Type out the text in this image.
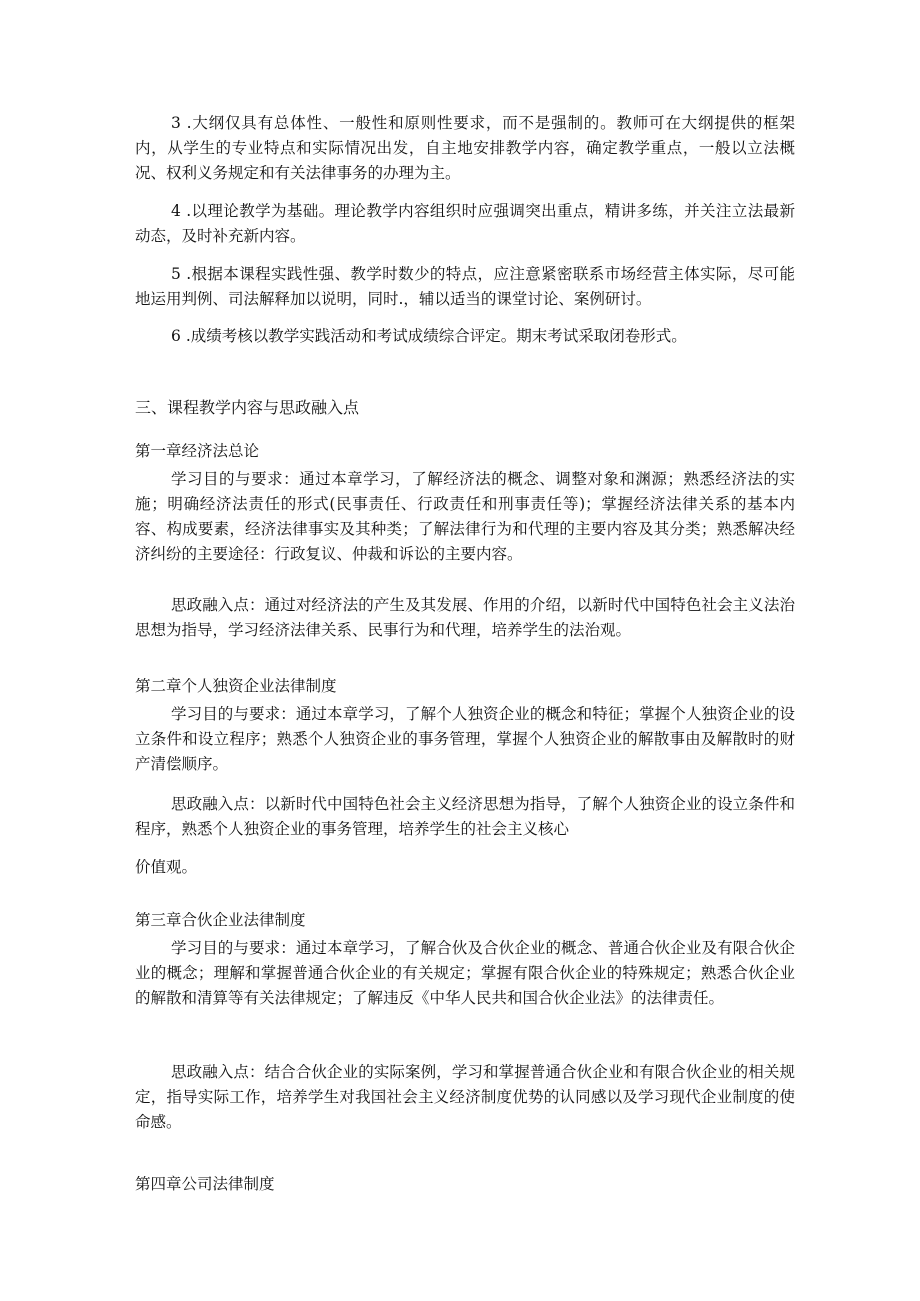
3 .大纲仅具有总体性、一般性和原则性要求，而不是强制的。教师可在大纲提供的框架内，从学生的专业特点和实际情况出发，自主地安排教学内容，确定教学重点，一般以立法概况、权利义务规定和有关法律事务的办理为主。

4 .以理论教学为基础。理论教学内容组织时应强调突出重点，精讲多练，并关注立法最新动态，及时补充新内容。

5 .根据本课程实践性强、教学时数少的特点，应注意紧密联系市场经营主体实际，尽可能地运用判例、司法解释加以说明，同时.，辅以适当的课堂讨论、案例研讨。

6 .成绩考核以教学实践活动和考试成绩综合评定。期末考试采取闭卷形式。

三、课程教学内容与思政融入点
第一章经济法总论

学习目的与要求：通过本章学习，了解经济法的概念、调整对象和渊源；熟悉经济法的实施；明确经济法责任的形式(民事责任、行政责任和刑事责任等)；掌握经济法律关系的基本内容、构成要素，经济法律事实及其种类；了解法律行为和代理的主要内容及其分类；熟悉解决经济纠纷的主要途径：行政复议、仲裁和诉讼的主要内容。

思政融入点：通过对经济法的产生及其发展、作用的介绍，以新时代中国特色社会主义法治思想为指导，学习经济法律关系、民事行为和代理，培养学生的法治观。

第二章个人独资企业法律制度

学习目的与要求：通过本章学习，了解个人独资企业的概念和特征；掌握个人独资企业的设立条件和设立程序；熟悉个人独资企业的事务管理，掌握个人独资企业的解散事由及解散时的财产清偿顺序。

思政融入点：以新时代中国特色社会主义经济思想为指导，了解个人独资企业的设立条件和程序，熟悉个人独资企业的事务管理，培养学生的社会主义核心

价值观。

第三章合伙企业法律制度

学习目的与要求：通过本章学习，了解合伙及合伙企业的概念、普通合伙企业及有限合伙企业的概念；理解和掌握普通合伙企业的有关规定；掌握有限合伙企业的特殊规定；熟悉合伙企业的解散和清算等有关法律规定；了解违反《中华人民共和国合伙企业法》的法律责任。

思政融入点：结合合伙企业的实际案例，学习和掌握普通合伙企业和有限合伙企业的相关规定，指导实际工作，培养学生对我国社会主义经济制度优势的认同感以及学习现代企业制度的使命感。

第四章公司法律制度
